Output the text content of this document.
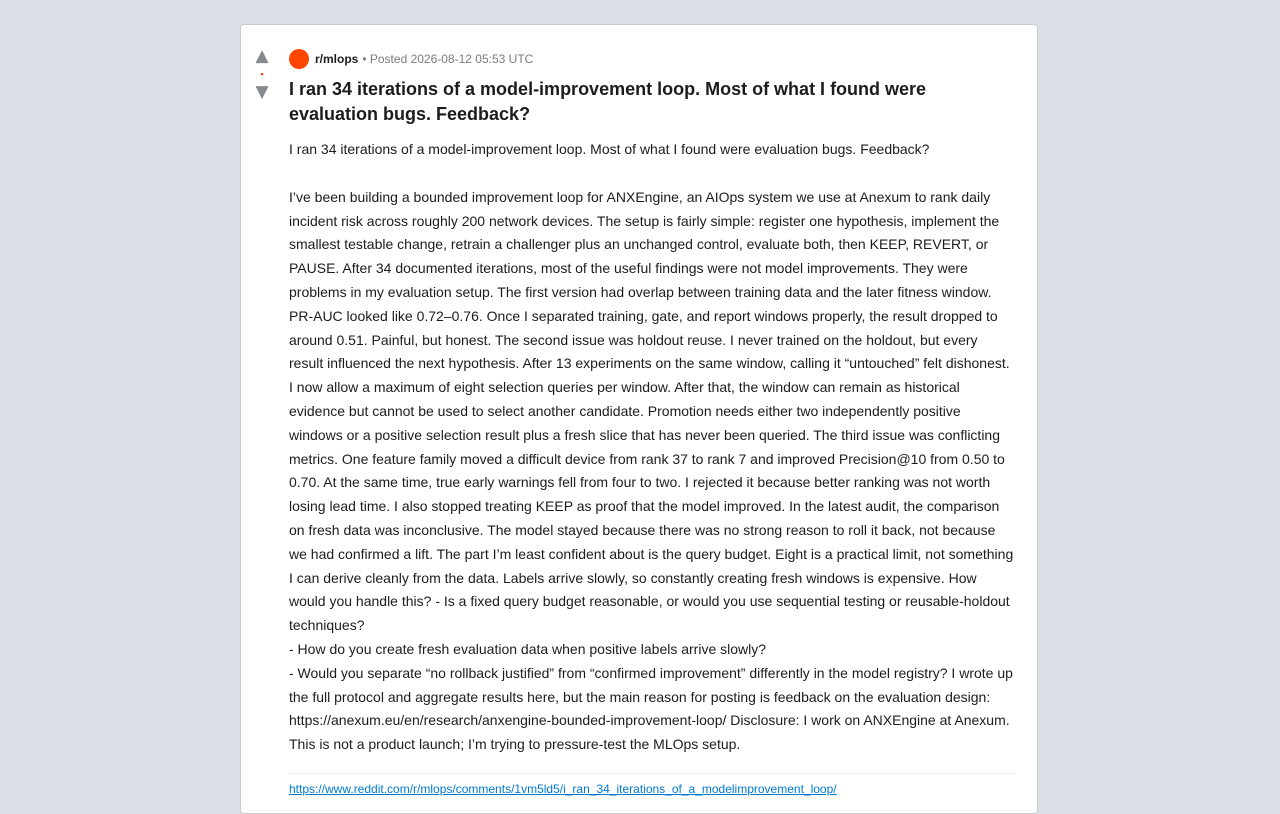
▲
•
▼
r/mlops • Posted 2026-08-12 05:53 UTC
I ran 34 iterations of a model-improvement loop. Most of what I found were evaluation bugs. Feedback?

I ran 34 iterations of a model-improvement loop. Most of what I found were evaluation bugs. Feedback?

I’ve been building a bounded improvement loop for ANXEngine, an AIOps system we use at Anexum to rank daily incident risk across roughly 200 network devices. The setup is fairly simple: register one hypothesis, implement the smallest testable change, retrain a challenger plus an unchanged control, evaluate both, then KEEP, REVERT, or PAUSE. After 34 documented iterations, most of the useful findings were not model improvements. They were problems in my evaluation setup. The first version had overlap between training data and the later fitness window. PR-AUC looked like 0.72–0.76. Once I separated training, gate, and report windows properly, the result dropped to around 0.51. Painful, but honest. The second issue was holdout reuse. I never trained on the holdout, but every result influenced the next hypothesis. After 13 experiments on the same window, calling it “untouched” felt dishonest. I now allow a maximum of eight selection queries per window. After that, the window can remain as historical evidence but cannot be used to select another candidate. Promotion needs either two independently positive windows or a positive selection result plus a fresh slice that has never been queried. The third issue was conflicting metrics. One feature family moved a difficult device from rank 37 to rank 7 and improved Precision@10 from 0.50 to 0.70. At the same time, true early warnings fell from four to two. I rejected it because better ranking was not worth losing lead time. I also stopped treating KEEP as proof that the model improved. In the latest audit, the comparison on fresh data was inconclusive. The model stayed because there was no strong reason to roll it back, not because we had confirmed a lift. The part I’m least confident about is the query budget. Eight is a practical limit, not something I can derive cleanly from the data. Labels arrive slowly, so constantly creating fresh windows is expensive. How would you handle this? - Is a fixed query budget reasonable, or would you use sequential testing or reusable-holdout techniques?

- How do you create fresh evaluation data when positive labels arrive slowly?

- Would you separate “no rollback justified” from “confirmed improvement” differently in the model registry? I wrote up the full protocol and aggregate results here, but the main reason for posting is feedback on the evaluation design: https://anexum.eu/en/research/anxengine-bounded-improvement-loop/ Disclosure: I work on ANXEngine at Anexum. This is not a product launch; I’m trying to pressure-test the MLOps setup.

https://www.reddit.com/r/mlops/comments/1vm5ld5/i_ran_34_iterations_of_a_modelimprovement_loop/
